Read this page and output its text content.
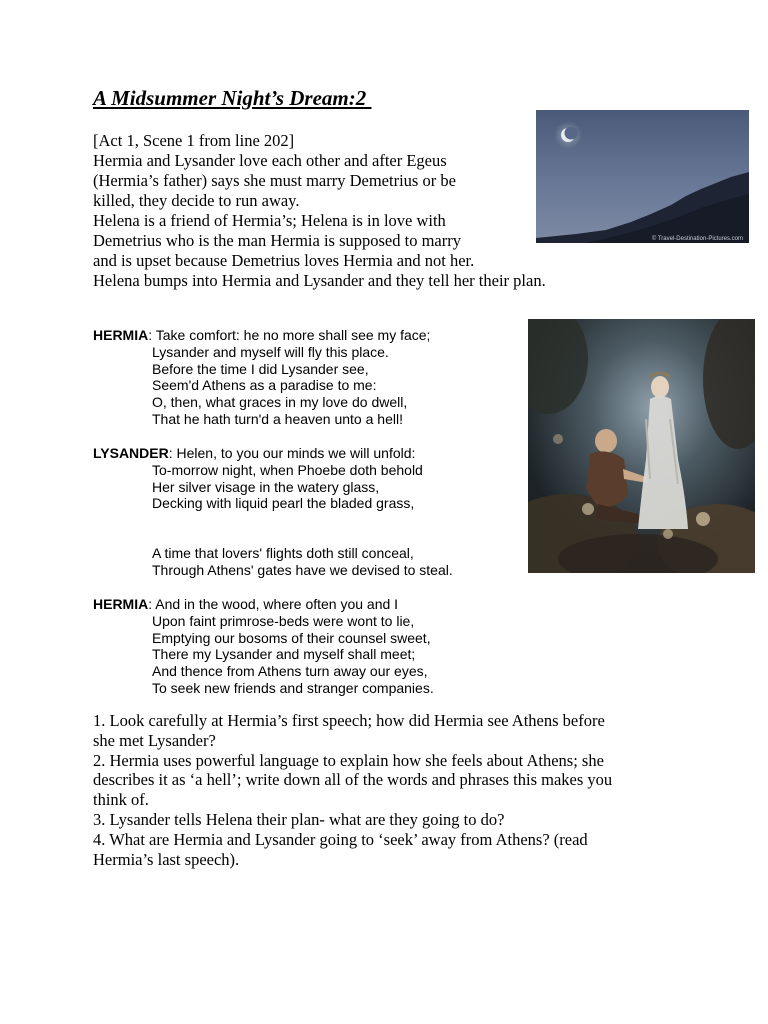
A Midsummer Night’s Dream:2
[Act 1, Scene 1 from line 202]
Hermia and Lysander love each other and after Egeus
(Hermia’s father) says she must marry Demetrius or be
killed, they decide to run away.
Helena is a friend of Hermia’s; Helena is in love with
Demetrius who is the man Hermia is supposed to marry
and is upset because Demetrius loves Hermia and not her.
Helena bumps into Hermia and Lysander and they tell her their plan.
© Travel-Destination-Pictures.com
HERMIA: Take comfort: he no more shall see my face;
Lysander and myself will fly this place.
Before the time I did Lysander see,
Seem'd Athens as a paradise to me:
O, then, what graces in my love do dwell,
That he hath turn'd a heaven unto a hell!
LYSANDER: Helen, to you our minds we will unfold:
To-morrow night, when Phoebe doth behold
Her silver visage in the watery glass,
Decking with liquid pearl the bladed grass,
A time that lovers' flights doth still conceal,
Through Athens' gates have we devised to steal.
HERMIA: And in the wood, where often you and I
Upon faint primrose-beds were wont to lie,
Emptying our bosoms of their counsel sweet,
There my Lysander and myself shall meet;
And thence from Athens turn away our eyes,
To seek new friends and stranger companies.
1. Look carefully at Hermia’s first speech; how did Hermia see Athens before
she met Lysander?
2. Hermia uses powerful language to explain how she feels about Athens; she
describes it as ‘a hell’; write down all of the words and phrases this makes you
think of.
3. Lysander tells Helena their plan- what are they going to do?
4. What are Hermia and Lysander going to ‘seek’ away from Athens? (read
Hermia’s last speech).
